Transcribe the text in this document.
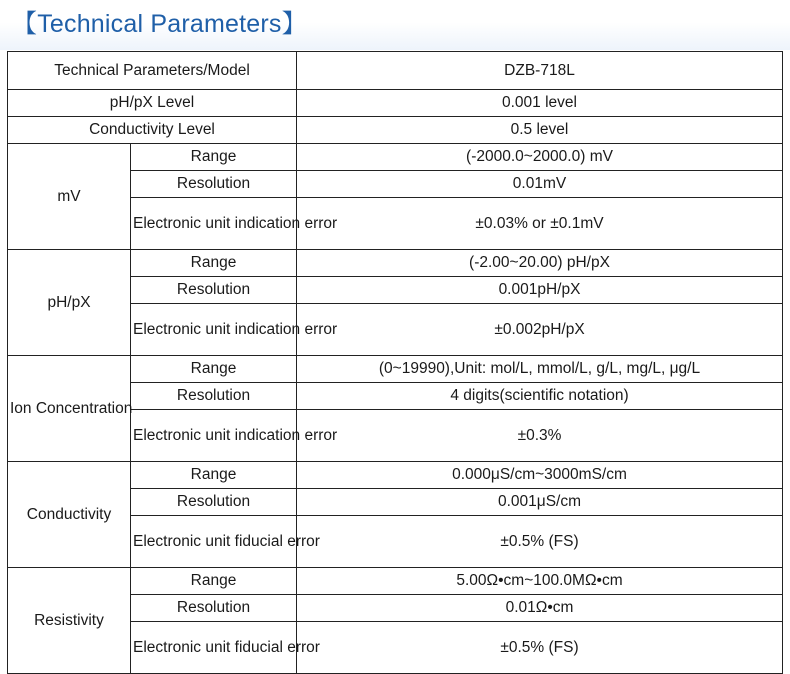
【Technical Parameters】
Technical Parameters/Model		DZB-718L
pH/pX Level		0.001 level
Conductivity Level		0.5 level
mV	Range	(-2000.0~2000.0) mV
	Resolution	0.01mV
	Electronic unit indication error	±0.03% or ±0.1mV
pH/pX	Range	(-2.00~20.00) pH/pX
	Resolution	0.001pH/pX
	Electronic unit indication error	±0.002pH/pX
Ion Concentration	Range	(0~19990),Unit: mol/L, mmol/L, g/L, mg/L, μg/L
	Resolution	4 digits(scientific notation)
	Electronic unit indication error	±0.3%
Conductivity	Range	0.000μS/cm~3000mS/cm
	Resolution	0.001μS/cm
	Electronic unit fiducial error	±0.5% (FS)
Resistivity	Range	5.00Ω•cm~100.0MΩ•cm
	Resolution	0.01Ω•cm
	Electronic unit fiducial error	±0.5% (FS)
